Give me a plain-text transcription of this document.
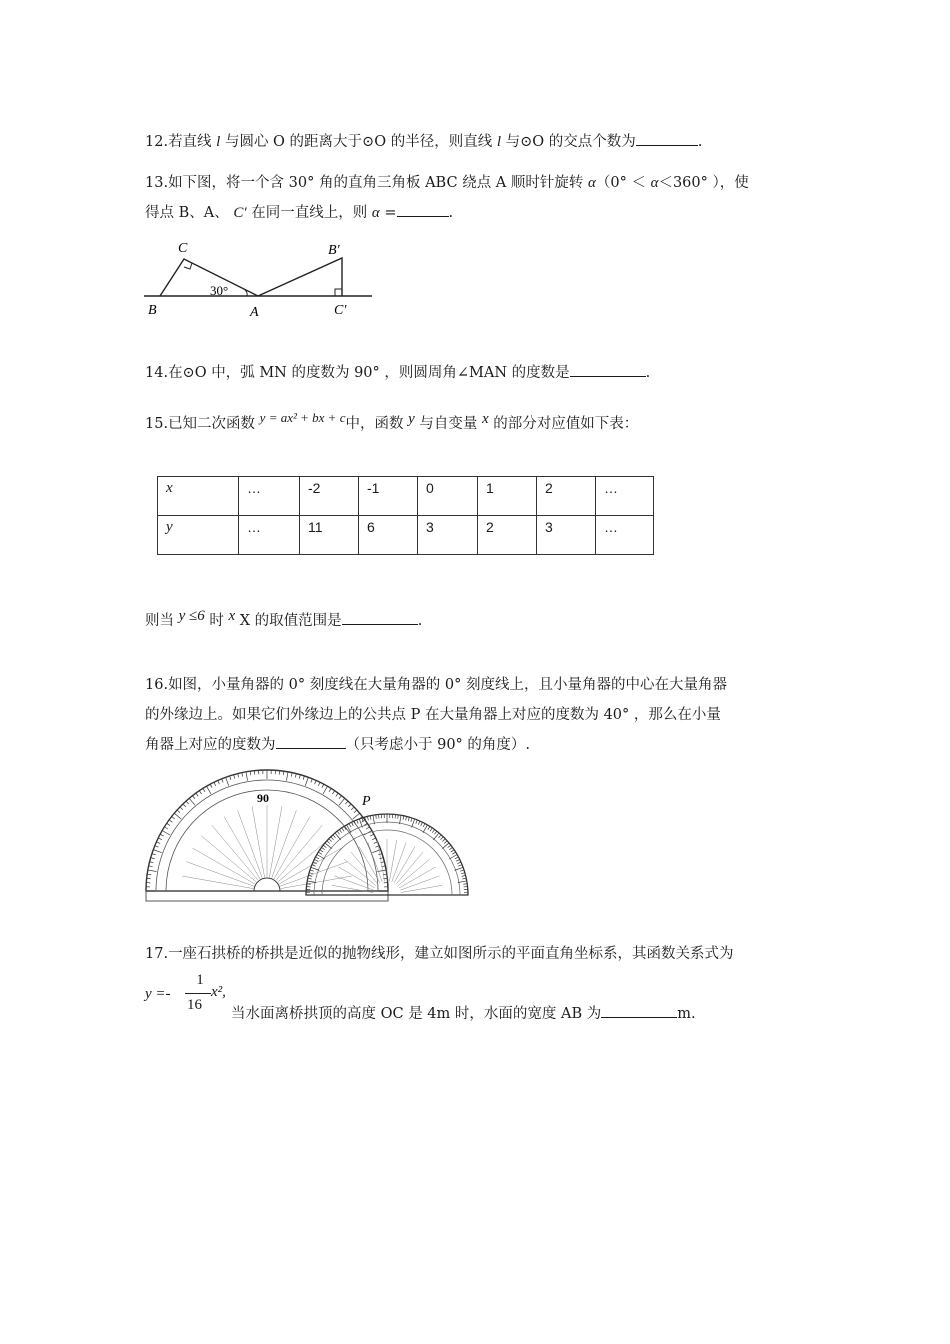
12.若直线 l 与圆心 O 的距离大于⊙O 的半径，则直线 l 与⊙O 的交点个数为	.
13.如下图，将一个含 30° 角的直角三角板 ABC 绕点 A 顺时针旋转 α（0° ＜ α＜360° ），使
得点 B、A、 C′ 在同一直线上，则 α =	.
C
B	A
B′
C′
30°
14.在⊙O 中，弧 MN 的度数为 90° ，则圆周角∠MAN 的度数是	.
15.已知二次函数 y = ax² + bx + c中，函数 y 与自变量 x 的部分对应值如下表：
x	…	-2	-1	0	1	2	…
y	…	11	6	3	2	3	…
则当 y ≤6 时 x X 的取值范围是	.
16.如图，小量角器的 0° 刻度线在大量角器的 0° 刻度线上，且小量角器的中心在大量角器
的外缘边上。如果它们外缘边上的公共点 P 在大量角器上对应的度数为 40° ，那么在小量
角器上对应的度数为	（只考虑小于 90° 的角度）.
90	P
17.一座石拱桥的桥拱是近似的抛物线形，建立如图所示的平面直角坐标系，其函数关系式为
y =-
1
16
x²,
当水面离桥拱顶的高度 OC 是 4m 时，水面的宽度 AB 为	m.
